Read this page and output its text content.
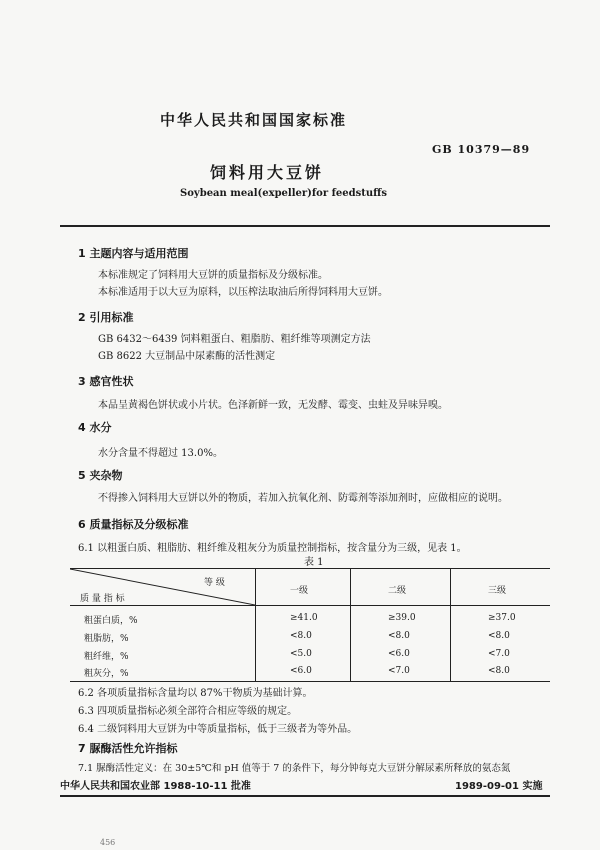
中华人民共和国国家标准
GB 10379—89
饲料用大豆饼
Soybean meal(expeller)for feedstuffs
1 主题内容与适用范围
本标准规定了饲料用大豆饼的质量指标及分级标准。
本标准适用于以大豆为原料，以压榨法取油后所得饲料用大豆饼。
2 引用标准
GB 6432～6439 饲料粗蛋白、粗脂肪、粗纤维等项测定方法
GB 8622 大豆制品中尿素酶的活性测定
3 感官性状
本品呈黄褐色饼状或小片状。色泽新鲜一致，无发酵、霉变、虫蛀及异味异嗅。
4 水分
水分含量不得超过 13.0%。
5 夹杂物
不得掺入饲料用大豆饼以外的物质，若加入抗氧化剂、防霉剂等添加剂时，应做相应的说明。
6 质量指标及分级标准
6.1 以粗蛋白质、粗脂肪、粗纤维及粗灰分为质量控制指标，按含量分为三级，见表 1。
表 1
等 级
质 量 指 标
一级	二级	三级
粗蛋白质，%	≥41.0	≥39.0	≥37.0
粗脂肪，%	<8.0	<8.0	<8.0
粗纤维，%	<5.0	<6.0	<7.0
粗灰分，%	<6.0	<7.0	<8.0
6.2 各项质量指标含量均以 87%干物质为基础计算。
6.3 四项质量指标必须全部符合相应等级的规定。
6.4 二级饲料用大豆饼为中等质量指标，低于三级者为等外品。
7 脲酶活性允许指标
7.1 脲酶活性定义：在 30±5℃和 pH 值等于 7 的条件下，每分钟每克大豆饼分解尿素所释放的氨态氮
中华人民共和国农业部 1988-10-11 批准	1989-09-01 实施
456
